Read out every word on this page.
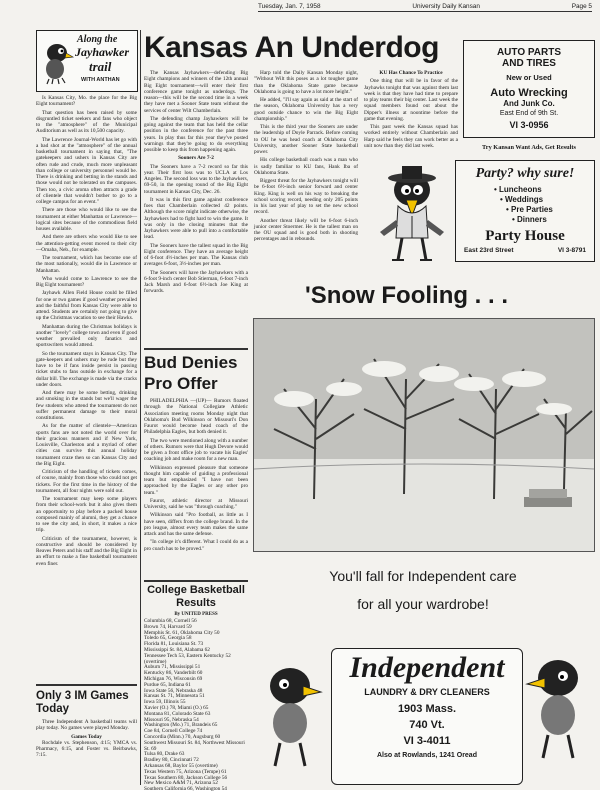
Tuesday, Jan. 7, 1958	University Daily Kansan	Page 5
Along the
Jayhawker
trail
WITH ANTHAN

Is Kansas City, Mo. the place for the Big Eight tournament?

That question has been raised by some disgruntled ticket seekers and fans who object to the "atmosphere" of the Municipal Auditorium as well as its 10,500 capacity.

The Lawrence Journal-World has let go with a bad shot at the "atmosphere" of the annual basketball tournament in saying that, "The gatekeepers and ushers in Kansas City are often rude and crude, much more unpleasant than college or university personnel would be. There is drinking and betting in the stands and those would not be tolerated on the campuses. Then too, a civic aroma often attracts a grade of clientele that wouldn't bother to go to a college campus for an event."

There are those who would like to see the tournament at either Manhattan or Lawrence—logical sites because of the commodious field houses available.

And there are others who would like to see the attention-getting event moved to their city—Omaha, Neb., for example.

The tournament, which has become one of the most nationally, would die in Lawrence or Manhattan.

Who would come to Lawrence to see the Big Eight tournament?

Jayhawk Allen Field House could be filled for one or two games if good weather prevailed and the faithful from Kansas City were able to attend. Students are certainly not going to give up the Christmas vacation to see their Hawks.

Manhattan during the Christmas holidays is another "lovely" college town and even if good weather prevailed only fanatics and sportswriters would attend.

So the tournament stays in Kansas City. The gate-keepers and ushers may be rude but they have to be if fans inside persist in passing ticket stubs to fans outside in exchange for a dollar bill. The exchange is made via the cracks under doors.

And there may be some betting, drinking and smoking in the stands but we'll wager the few students who attend the tournament do not suffer permanent damage to their moral constitutions.

As for the matter of clientele—American sports fans are not noted the world over for their gracious manners and if New York, Louisville, Charleston and a myriad of other cities can survive this annual holiday tournament craze then so can Kansas City and the Big Eight.

Criticism of the handling of tickets comes, of course, mainly from those who could not get tickets. For the first time in the history of the tournament, all four nights were sold out.

The tournament may keep some players from their school-work but it also gives them an opportunity to play before a packed house composed mainly of alumni, they get a chance to see the city and, in short, it makes a nice trip.

Criticism of the tournament, however, is constructive and should be considered by Reaves Peters and his staff and the Big Eight in an effort to make a fine basketball tournament even finer.

Only 3 IM Games Today

Three Independent A basketball teams will play today. No games were played Monday.

Games Today

Rochdale vs. Stephenson, 4:15; YMCA vs. Pharmacy, 6:15, and Foster vs. Beirbawks, 7:15.

Kansas An Underdog

The Kansas Jayhawkers—defending Big Eight champions and winners of the 12th annual Big Eight tournament—will enter their first conference game tonight as underdogs. The reason—this will be the second time in a week they have met a Sooner State team without the services of center Wilt Chamberlain.

The defending champ Jayhawkers will be going against the team that has held the cellar position in the conference for the past three years. In play thus far this year they've posted warnings that they're going to do everything possible to keep this from happening again.

Sooners Are 7-2

The Sooners have a 7-2 record so far this year. Their first loss was to UCLA at Los Angeles. The second loss was to the Jayhawkers, 69-50, in the opening round of the Big Eight tournament in Kansas City, Dec. 26.

It was in this first game against conference foes that Chamberlain collected 42 points. Although the score might indicate otherwise, the Jayhawkers had to fight hard to win the game. It was only in the closing minutes that the Jayhawkers were able to pull into a comfortable lead.

The Sooners have the tallest squad in the Big Eight conference. They have an average height of 6-foot 4½-inches per man. The Kansas club averages 6-foot, 3½-inches per man.

The Sooners will have the Jayhawkers with a 6-foot 9-inch center Bob Stierman, 6-foot 7-inch Jack Marsh and 6-foot 6½-inch Joe King at forwards.

Harp told the Daily Kansan Monday night, "Without Wilt this poses as a lot tougher game than the Oklahoma State game because Oklahoma is going to have a lot more height."

He added, "I'll say again as said at the start of the season, Oklahoma University has a very good outside chance to win the Big Eight championship."

This is the third year the Sooners are under the leadership of Doyle Parrack. Before coming to OU he was head coach at Oklahoma City University, another Sooner State basketball power.

His college basketball coach was a man who is sadly familiar to KU fans, Hank Iba of Oklahoma State.

Biggest threat for the Jayhawkers tonight will be 6-foot 6½-inch senior forward and center King. King is well on his way to breaking the school scoring record, needing only 205 points in his last year of play to set the new school record.

Another threat likely will be 6-foot 6-inch junior center Stoermer. He is the tallest man on the OU squad and is good both in shooting percentages and in rebounds.

KU Has Chance To Practice

One thing that will be in favor of the Jayhawks tonight that was against them last week is that they have had time to prepare to play teams their big center. Last week the squad members found out about the Dipper's illness at noontime before the game that evening.

This past week the Kansas squad has worked entirely without Chamberlain and Harp said he feels they can work better as a unit now than they did last week.

AUTO PARTS
AND TIRES
New or Used
Auto Wrecking
And Junk Co.
East End of 9th St.
VI 3-0956
Try Kansan Want Ads, Get Results
Party? why sure!
• Luncheons
• Weddings
• Pre Parties
• Dinners
Party House
East 23rd Street	VI 3-8791
Bud Denies Pro Offer

PHILADELPHIA —(UP)— Rumors floated through the National Collegiate Athletic Association meeting rooms Monday night that Oklahoma's Bud Wilkinson or Missouri's Don Faurot would become head coach of the Philadelphia Eagles, but both denied it.

The two were mentioned along with a number of others. Rumors were that Hugh Devore would be given a front office job to vacate his Eagles' coaching job and make room for a new man.

Wilkinson expressed pleasure that someone thought him capable of guiding a professional team but emphasized "I have not been approached by the Eagles or any other pro team."

Faurot, athletic director at Missouri University, said he was "through coaching."

Wilkinson said "Pro football, as little as I have seen, differs from the college brand. In the pro league, almost every team makes the same attack and has the same defense.

"In college it's different. What I could do as a pro coach has to be proved."

College Basketball Results
By UNITED PRESS
Columbia 68, Cornell 56
Brown 74, Harvard 59
Memphis St. 61, Oklahoma City 50
Toledo 65, Georgia 58
Florida 81, Louisiana St. 73
Mississippi St. 84, Alabama 62
Tennessee Tech 53, Eastern Kentucky 52 (overtime)
Auburn 71, Mississippi 51
Kentucky 86, Vanderbilt 60
Michigan 76, Wisconsin 69
Purdue 65, Indiana 61
Iowa State 56, Nebraska 48
Kansas St. 71, Minnesota 51
Iowa 59, Illinois 55
Xavier (O.) 78, Miami (O.) 65
Montana 81, Colorado State 63
Missouri 95, Nebraska 54
Washington (Mo.) 71, Brandeis 65
Coe 84, Cornell College 74
Concordia (Minn.) 70, Augsburg 60
Southwest Missouri St. 84, Northwest Missouri St. 69
Tulsa 80, Drake 63
Bradley 80, Cincinnati 72
Arkansas 68, Baylor 55 (overtime)
Texas Western 75, Arizona (Tempe) 61
Texas Southern 80, Jackson College 56
New Mexico A&M 71, Arizona 52
Southern California 66, Washington 54
'Snow Fooling . . .
You'll fall for Independent care
for all your wardrobe!
Independent
LAUNDRY & DRY CLEANERS
1903 Mass.
740 Vt.
VI 3-4011
Also at Rowlands, 1241 Oread
